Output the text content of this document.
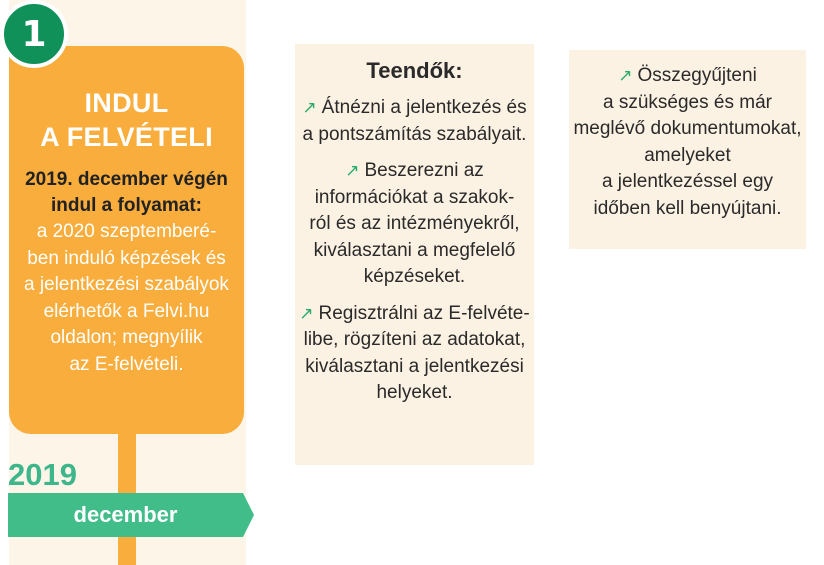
1
INDUL
A FELVÉTELI
2019. december végén
indul a folyamat:
a 2020 szeptemberé-
ben induló képzések és
a jelentkezési szabályok
elérhetők a Felvi.hu
oldalon; megnyílik
az E-felvételi.
2019
december
Teendők:
↗ Átnézni a jelentkezés és
a pontszámítás szabályait.
↗ Beszerezni az
információkat a szakok-
ról és az intézményekről,
kiválasztani a megfelelő
képzéseket.
↗ Regisztrálni az E-felvéte-
libe, rögzíteni az adatokat,
kiválasztani a jelentkezési
helyeket.
↗ Összegyűjteni
a szükséges és már
meglévő dokumentumokat,
amelyeket
a jelentkezéssel egy
időben kell benyújtani.
